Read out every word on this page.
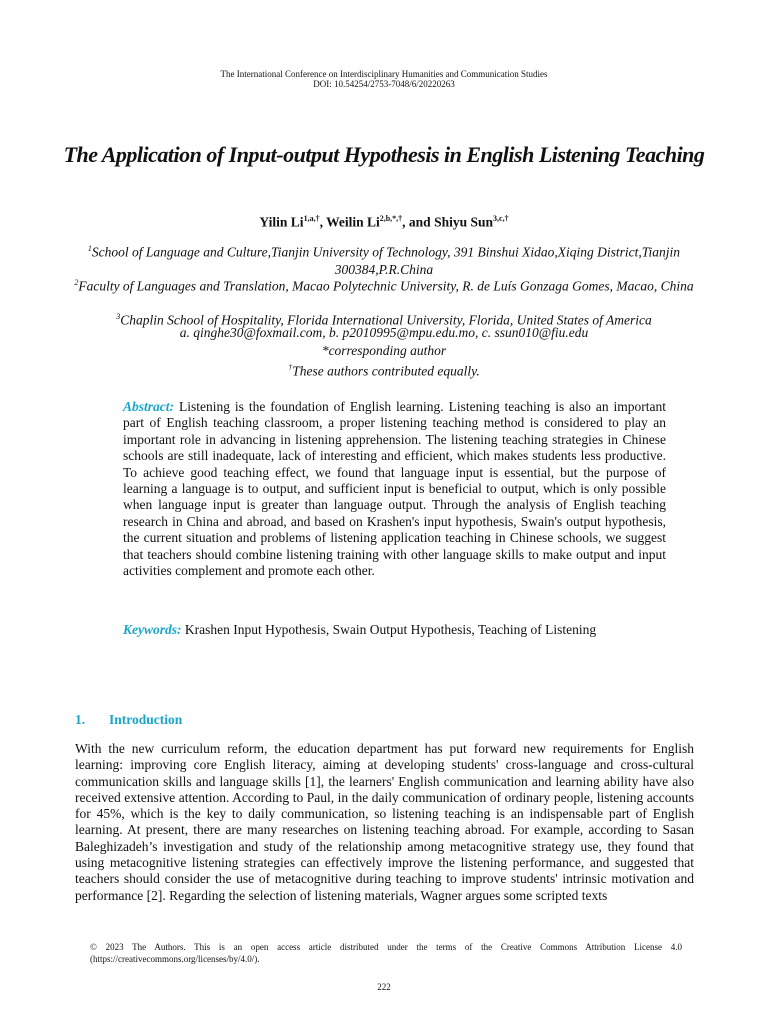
The International Conference on Interdisciplinary Humanities and Communication Studies
DOI: 10.54254/2753-7048/6/20220263
The Application of Input-output Hypothesis in English Listening Teaching
Yilin $Li^{1,a,\dagger}$, Weilin $Li^{2,b,*,\dagger}$, and Shiyu Sun$^{3,c,\dagger}$
$^1$School of Language and Culture,Tianjin University of Technology, 391 Binshui Xidao,Xiqing District,Tianjin 300384,P.R.China
$^2$Faculty of Languages and Translation, Macao Polytechnic University, R. de Luís Gonzaga Gomes, Macao, China
$^3$Chaplin School of Hospitality, Florida International University, Florida, United States of America
a. qinghe30@foxmail.com, b. p2010995@mpu.edu.mo, c. ssun010@fiu.edu
*corresponding author
†These authors contributed equally.
Abstract: Listening is the foundation of English learning. Listening teaching is also an important part of English teaching classroom, a proper listening teaching method is considered to play an important role in advancing in listening apprehension. The listening teaching strategies in Chinese schools are still inadequate, lack of interesting and efficient, which makes students less productive. To achieve good teaching effect, we found that language input is essential, but the purpose of learning a language is to output, and sufficient input is beneficial to output, which is only possible when language input is greater than language output. Through the analysis of English teaching research in China and abroad, and based on Krashen's input hypothesis, Swain's output hypothesis, the current situation and problems of listening application teaching in Chinese schools, we suggest that teachers should combine listening training with other language skills to make output and input activities complement and promote each other.
Keywords: Krashen Input Hypothesis, Swain Output Hypothesis, Teaching of Listening
1. Introduction
With the new curriculum reform, the education department has put forward new requirements for English learning: improving core English literacy, aiming at developing students' cross-language and cross-cultural communication skills and language skills [1], the learners' English communication and learning ability have also received extensive attention. According to Paul, in the daily communication of ordinary people, listening accounts for 45%, which is the key to daily communication, so listening teaching is an indispensable part of English learning. At present, there are many researches on listening teaching abroad. For example, according to Sasan Baleghizadeh’s investigation and study of the relationship among metacognitive strategy use, they found that using metacognitive listening strategies can effectively improve the listening performance, and suggested that teachers should consider the use of metacognitive during teaching to improve students' intrinsic motivation and performance [2]. Regarding the selection of listening materials, Wagner argues some scripted texts
© 2023 The Authors. This is an open access article distributed under the terms of the Creative Commons Attribution License 4.0 (https://creativecommons.org/licenses/by/4.0/).
222
